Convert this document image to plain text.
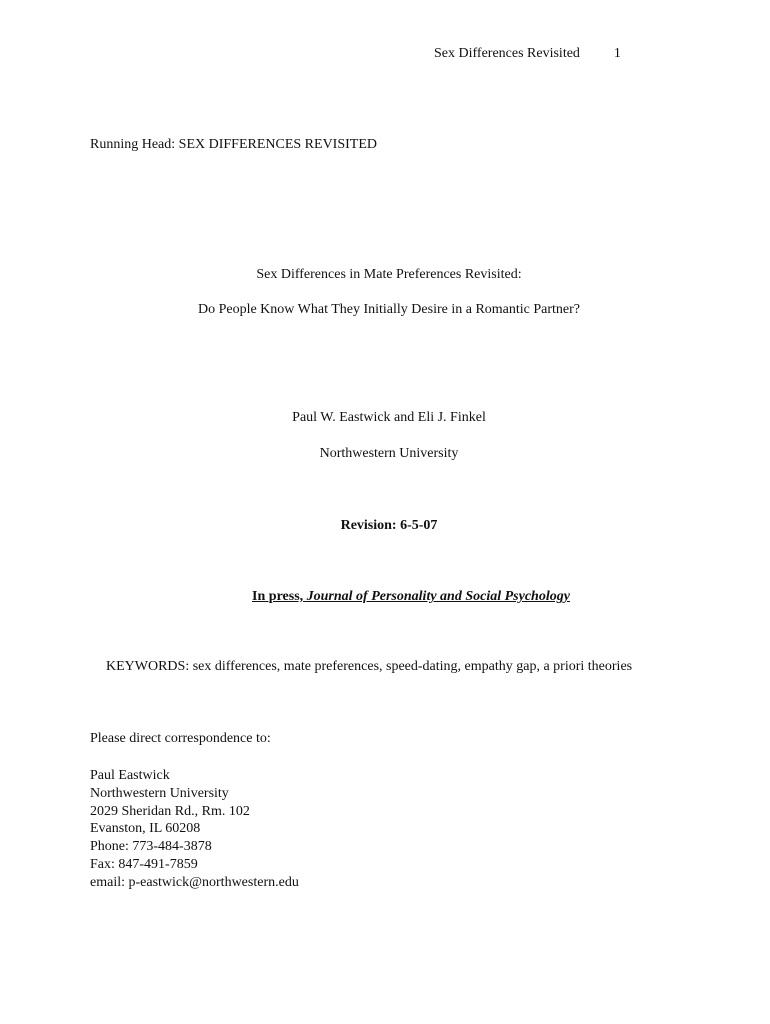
Sex Differences Revisited 1
Running Head: SEX DIFFERENCES REVISITED
Sex Differences in Mate Preferences Revisited:
Do People Know What They Initially Desire in a Romantic Partner?
Paul W. Eastwick and Eli J. Finkel
Northwestern University
Revision: 6-5-07
In press, Journal of Personality and Social Psychology
KEYWORDS: sex differences, mate preferences, speed-dating, empathy gap, a priori theories
Please direct correspondence to:
Paul Eastwick
Northwestern University
2029 Sheridan Rd., Rm. 102
Evanston, IL 60208
Phone: 773-484-3878
Fax: 847-491-7859
email: p-eastwick@northwestern.edu
